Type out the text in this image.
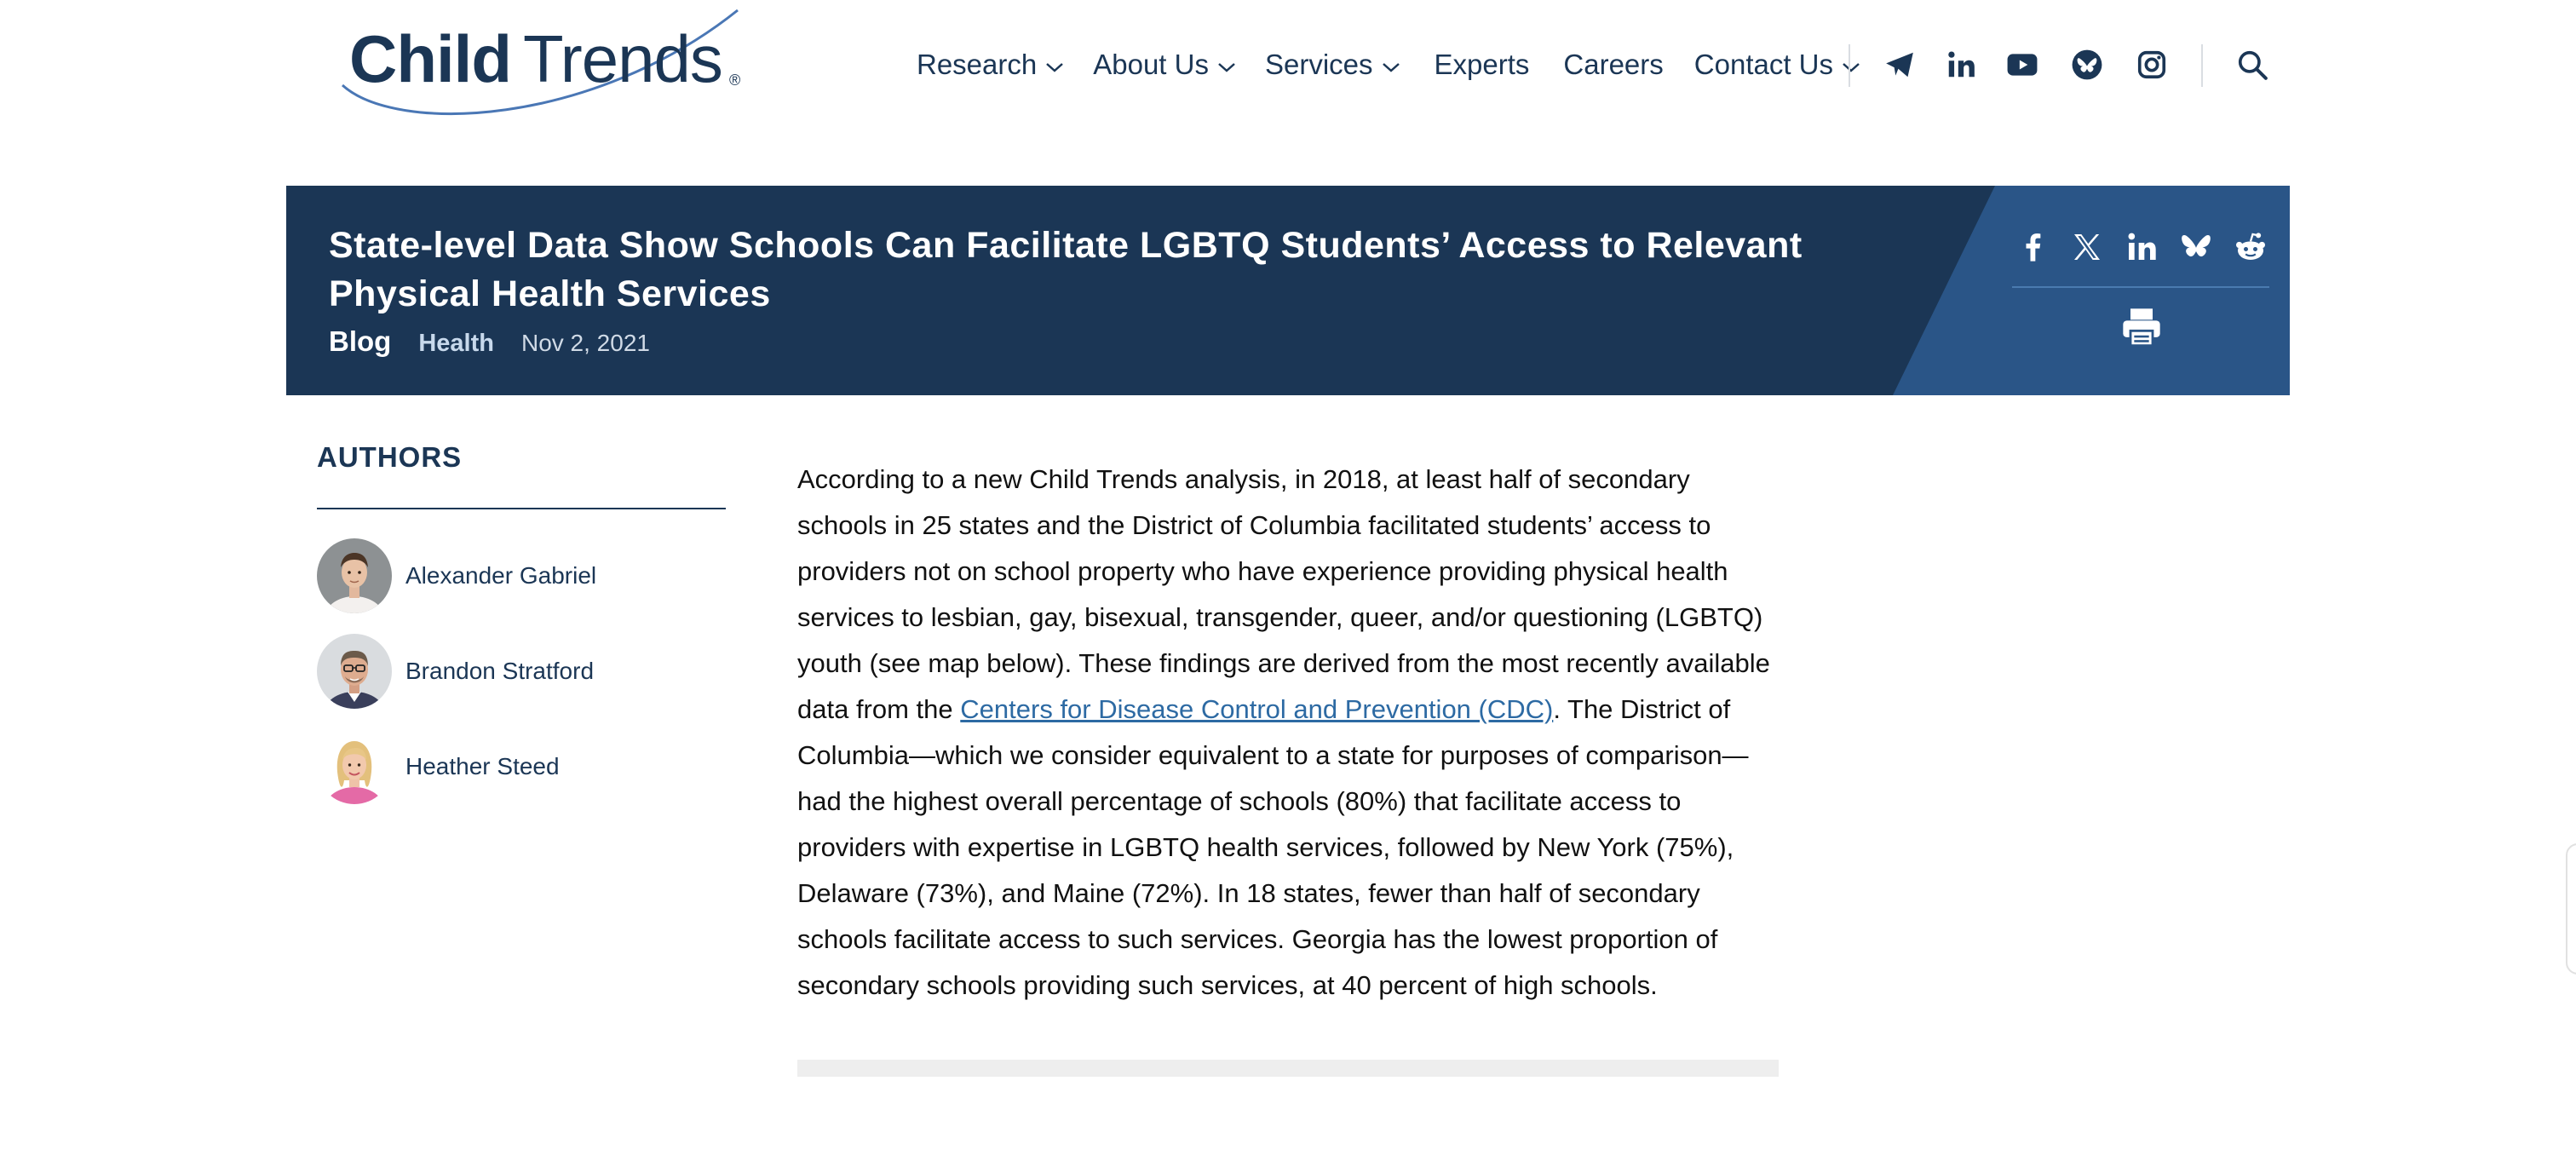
Child Trends ®	Research About Us Services Experts Careers Contact Us
State-level Data Show Schools Can Facilitate LGBTQ Students’ Access to Relevant Physical Health Services
Blog Health Nov 2, 2021
AUTHORS
Alexander Gabriel
Brandon Stratford
Heather Steed

According to a new Child Trends analysis, in 2018, at least half of secondary schools in 25 states and the District of Columbia facilitated students’ access to providers not on school property who have experience providing physical health services to lesbian, gay, bisexual, transgender, queer, and/or questioning (LGBTQ) youth (see map below). These findings are derived from the most recently available data from the Centers for Disease Control and Prevention (CDC). The District of Columbia—which we consider equivalent to a state for purposes of comparison—had the highest overall percentage of schools (80%) that facilitate access to providers with expertise in LGBTQ health services, followed by New York (75%), Delaware (73%), and Maine (72%). In 18 states, fewer than half of secondary schools facilitate access to such services. Georgia has the lowest proportion of secondary schools providing such services, at 40 percent of high schools.
